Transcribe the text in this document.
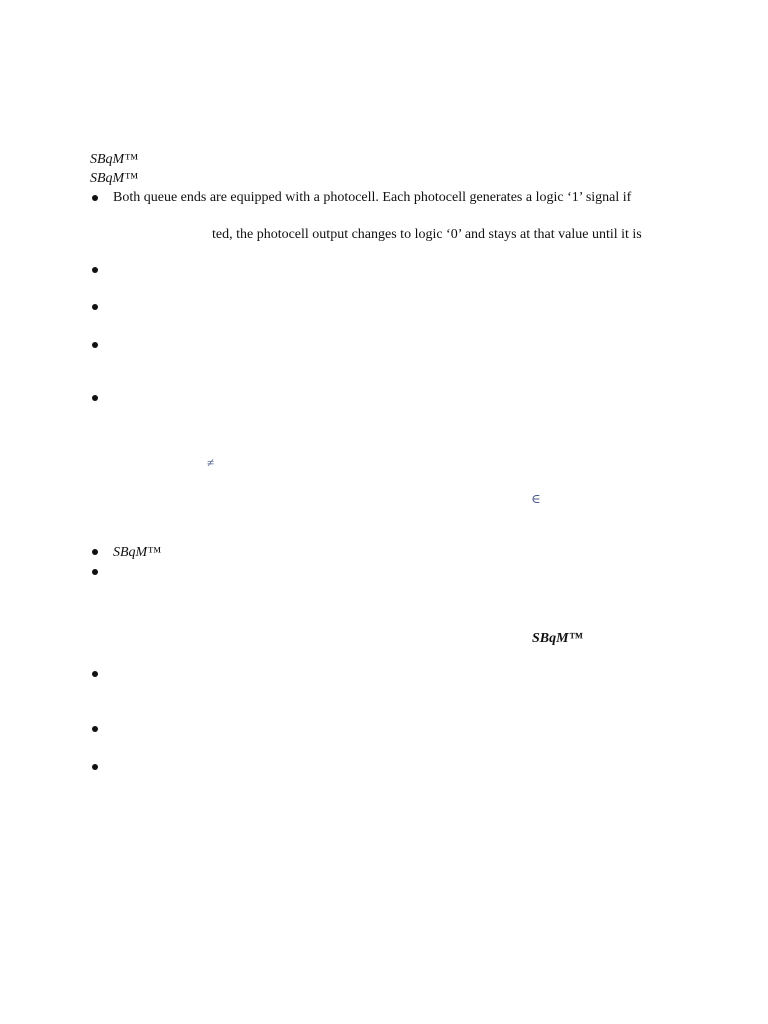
SBqM™
SBqM™
Both queue ends are equipped with a photocell. Each photocell generates a logic ‘1’ signal if
ted, the photocell output changes to logic ‘0’ and stays at that value until it is
≠
∈
SBqM™
SBqM™
